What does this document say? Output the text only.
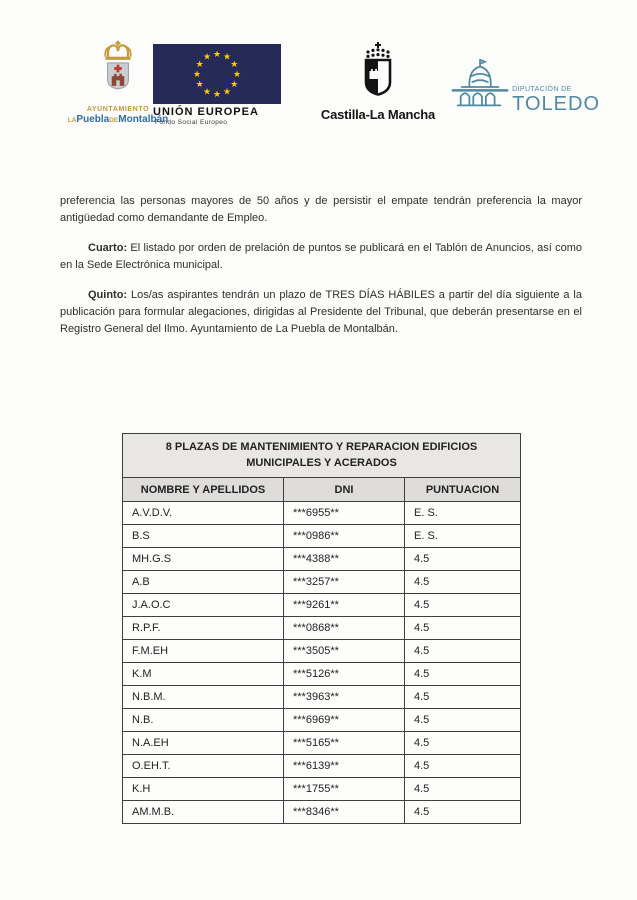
AYUNTAMIENTO
LAPueblaDEMontalbán
★ ★
★
★
★
★
★
★
★
★
★
★
UNIÓN EUROPEA
Fondo Social Europeo
Castilla-La Mancha
DIPUTACIÓN DE
TOLEDO

preferencia las personas mayores de 50 años y de persistir el empate tendrán preferencia la mayor antigüedad como demandante de Empleo.

Cuarto: El listado por orden de prelación de puntos se publicará en el Tablón de Anuncios, así como en la Sede Electrónica municipal.

Quinto: Los/as aspirantes tendrán un plazo de TRES DÍAS HÁBILES a partir del día siguiente a la publicación para formular alegaciones, dirigidas al Presidente del Tribunal, que deberán presentarse en el Registro General del Ilmo. Ayuntamiento de La Puebla de Montalbán.

8 PLAZAS DE MANTENIMIENTO Y REPARACION EDIFICIOS MUNICIPALES Y ACERADOS		
NOMBRE Y APELLIDOS	DNI	PUNTUACION
A.V.D.V.	***6955**	E. S.
B.S	***0986**	E. S.
MH.G.S	***4388**	4.5
A.B	***3257**	4.5
J.A.O.C	***9261**	4.5
R.P.F.	***0868**	4.5
F.M.EH	***3505**	4.5
K.M	***5126**	4.5
N.B.M.	***3963**	4.5
N.B.	***6969**	4.5
N.A.EH	***5165**	4.5
O.EH.T.	***6139**	4.5
K.H	***1755**	4.5
AM.M.B.	***8346**	4.5
